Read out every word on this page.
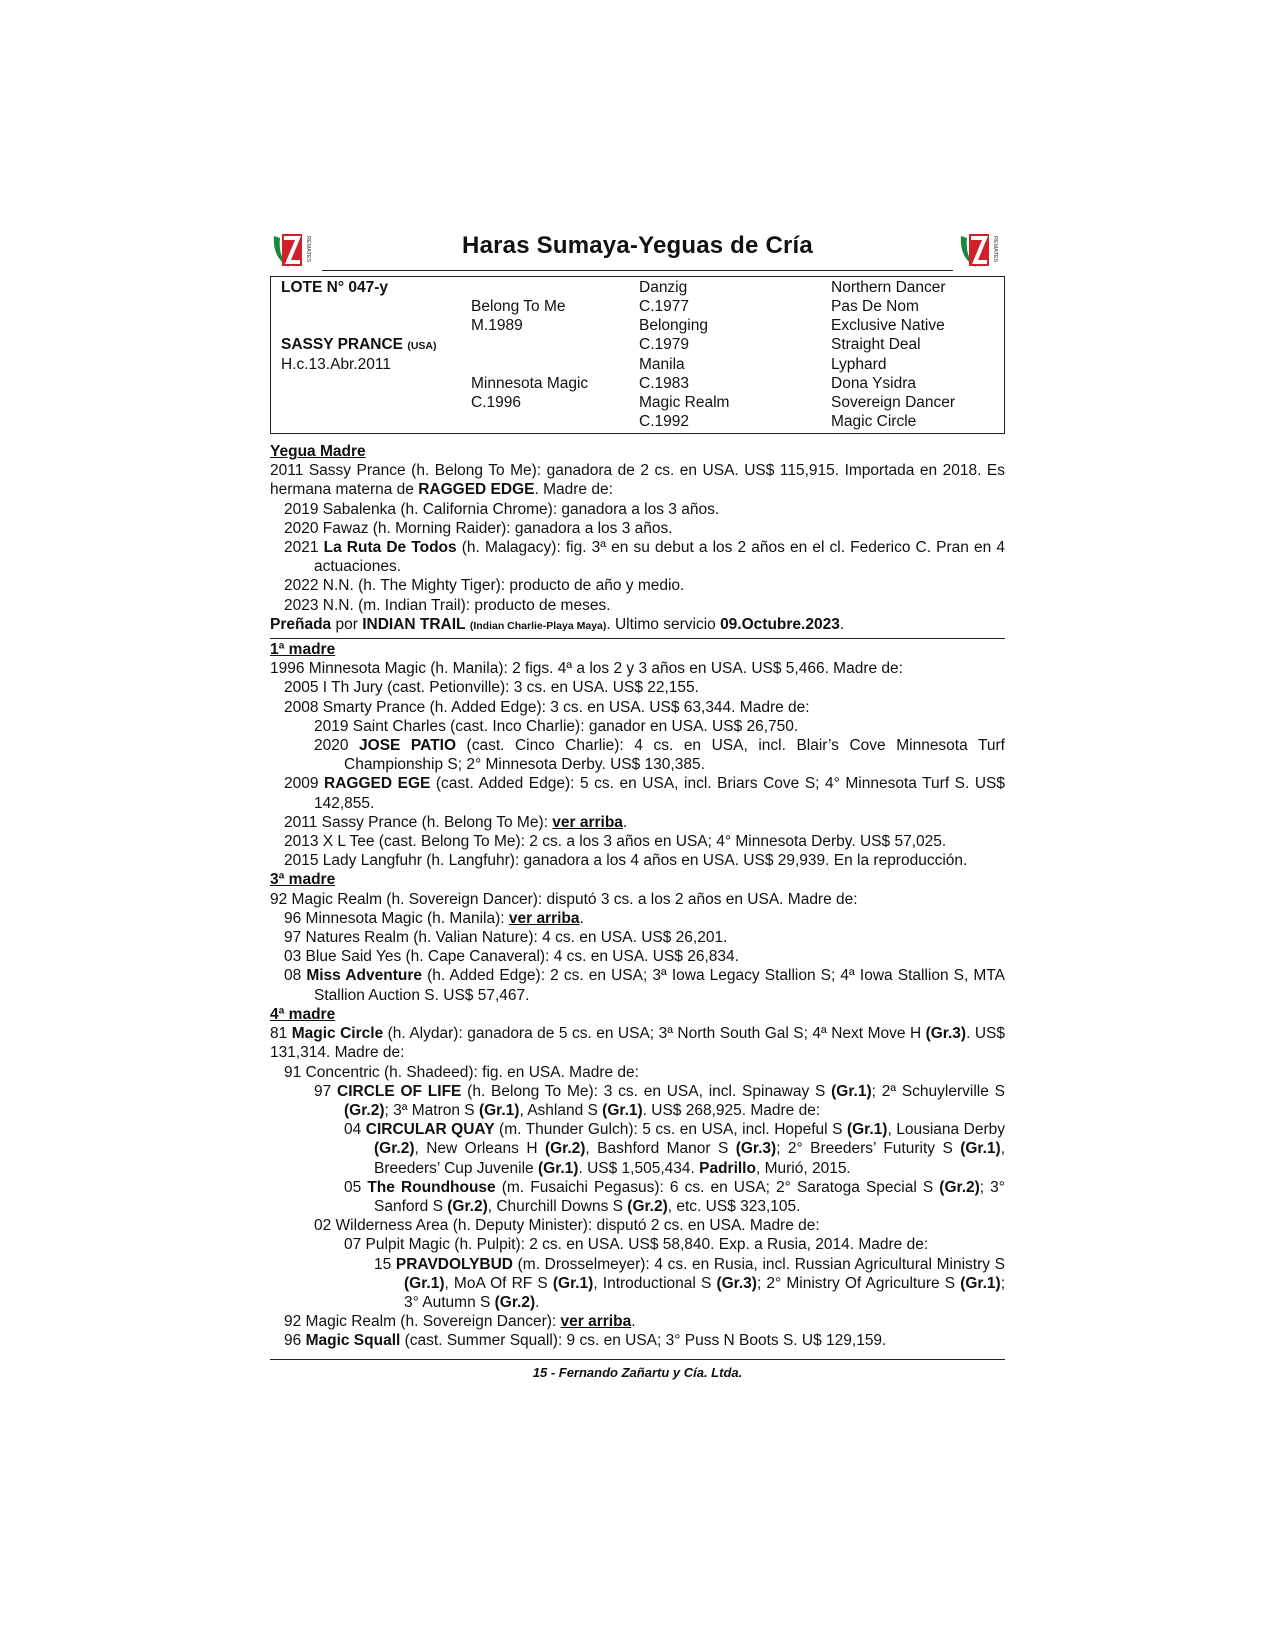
REMATES	Haras Sumaya-Yeguas de Cría	REMATES
LOTE N° 047-y
SASSY PRANCE (USA)
H.c.13.Abr.2011
Belong To Me
M.1989
Minnesota Magic
C.1996
Danzig
C.1977
Belonging
C.1979
Manila
C.1983
Magic Realm
C.1992
Northern Dancer
Pas De Nom
Exclusive Native
Straight Deal
Lyphard
Dona Ysidra
Sovereign Dancer
Magic Circle
Yegua Madre
2011 Sassy Prance (h. Belong To Me): ganadora de 2 cs. en USA. US$ 115,915. Importada en 2018. Es hermana materna de RAGGED EDGE. Madre de:
2019 Sabalenka (h. California Chrome): ganadora a los 3 años.
2020 Fawaz (h. Morning Raider): ganadora a los 3 años.
2021 La Ruta De Todos (h. Malagacy): fig. 3ª en su debut a los 2 años en el cl. Federico C. Pran en 4 actuaciones.
2022 N.N. (h. The Mighty Tiger): producto de año y medio.
2023 N.N. (m. Indian Trail): producto de meses.
Preñada por INDIAN TRAIL (Indian Charlie-Playa Maya). Ultimo servicio 09.Octubre.2023.
1ª madre
1996 Minnesota Magic (h. Manila): 2 figs. 4ª a los 2 y 3 años en USA. US$ 5,466. Madre de:
2005 I Th Jury (cast. Petionville): 3 cs. en USA. US$ 22,155.
2008 Smarty Prance (h. Added Edge): 3 cs. en USA. US$ 63,344. Madre de:
2019 Saint Charles (cast. Inco Charlie): ganador en USA. US$ 26,750.
2020 JOSE PATIO (cast. Cinco Charlie): 4 cs. en USA, incl. Blair’s Cove Minnesota Turf Championship S; 2° Minnesota Derby. US$ 130,385.
2009 RAGGED EGE (cast. Added Edge): 5 cs. en USA, incl. Briars Cove S; 4° Minnesota Turf S. US$ 142,855.
2011 Sassy Prance (h. Belong To Me): ver arriba.
2013 X L Tee (cast. Belong To Me): 2 cs. a los 3 años en USA; 4° Minnesota Derby. US$ 57,025.
2015 Lady Langfuhr (h. Langfuhr): ganadora a los 4 años en USA. US$ 29,939. En la reproducción.
3ª madre
92 Magic Realm (h. Sovereign Dancer): disputó 3 cs. a los 2 años en USA. Madre de:
96 Minnesota Magic (h. Manila): ver arriba.
97 Natures Realm (h. Valian Nature): 4 cs. en USA. US$ 26,201.
03 Blue Said Yes (h. Cape Canaveral): 4 cs. en USA. US$ 26,834.
08 Miss Adventure (h. Added Edge): 2 cs. en USA; 3ª Iowa Legacy Stallion S; 4ª Iowa Stallion S, MTA Stallion Auction S. US$ 57,467.
4ª madre
81 Magic Circle (h. Alydar): ganadora de 5 cs. en USA; 3ª North South Gal S; 4ª Next Move H (Gr.3). US$ 131,314. Madre de:
91 Concentric (h. Shadeed): fig. en USA. Madre de:
97 CIRCLE OF LIFE (h. Belong To Me): 3 cs. en USA, incl. Spinaway S (Gr.1); 2ª Schuylerville S (Gr.2); 3ª Matron S (Gr.1), Ashland S (Gr.1). US$ 268,925. Madre de:
04 CIRCULAR QUAY (m. Thunder Gulch): 5 cs. en USA, incl. Hopeful S (Gr.1), Lousiana Derby (Gr.2), New Orleans H (Gr.2), Bashford Manor S (Gr.3); 2° Breeders’ Futurity S (Gr.1), Breeders’ Cup Juvenile (Gr.1). US$ 1,505,434. Padrillo, Murió, 2015.
05 The Roundhouse (m. Fusaichi Pegasus): 6 cs. en USA; 2° Saratoga Special S (Gr.2); 3° Sanford S (Gr.2), Churchill Downs S (Gr.2), etc. US$ 323,105.
02 Wilderness Area (h. Deputy Minister): disputó 2 cs. en USA. Madre de:
07 Pulpit Magic (h. Pulpit): 2 cs. en USA. US$ 58,840. Exp. a Rusia, 2014. Madre de:
15 PRAVDOLYBUD (m. Drosselmeyer): 4 cs. en Rusia, incl. Russian Agricultural Ministry S (Gr.1), MoA Of RF S (Gr.1), Introductional S (Gr.3); 2° Ministry Of Agriculture S (Gr.1); 3° Autumn S (Gr.2).
92 Magic Realm (h. Sovereign Dancer): ver arriba.
96 Magic Squall (cast. Summer Squall): 9 cs. en USA; 3° Puss N Boots S. U$ 129,159.
15 - Fernando Zañartu y Cía. Ltda.
